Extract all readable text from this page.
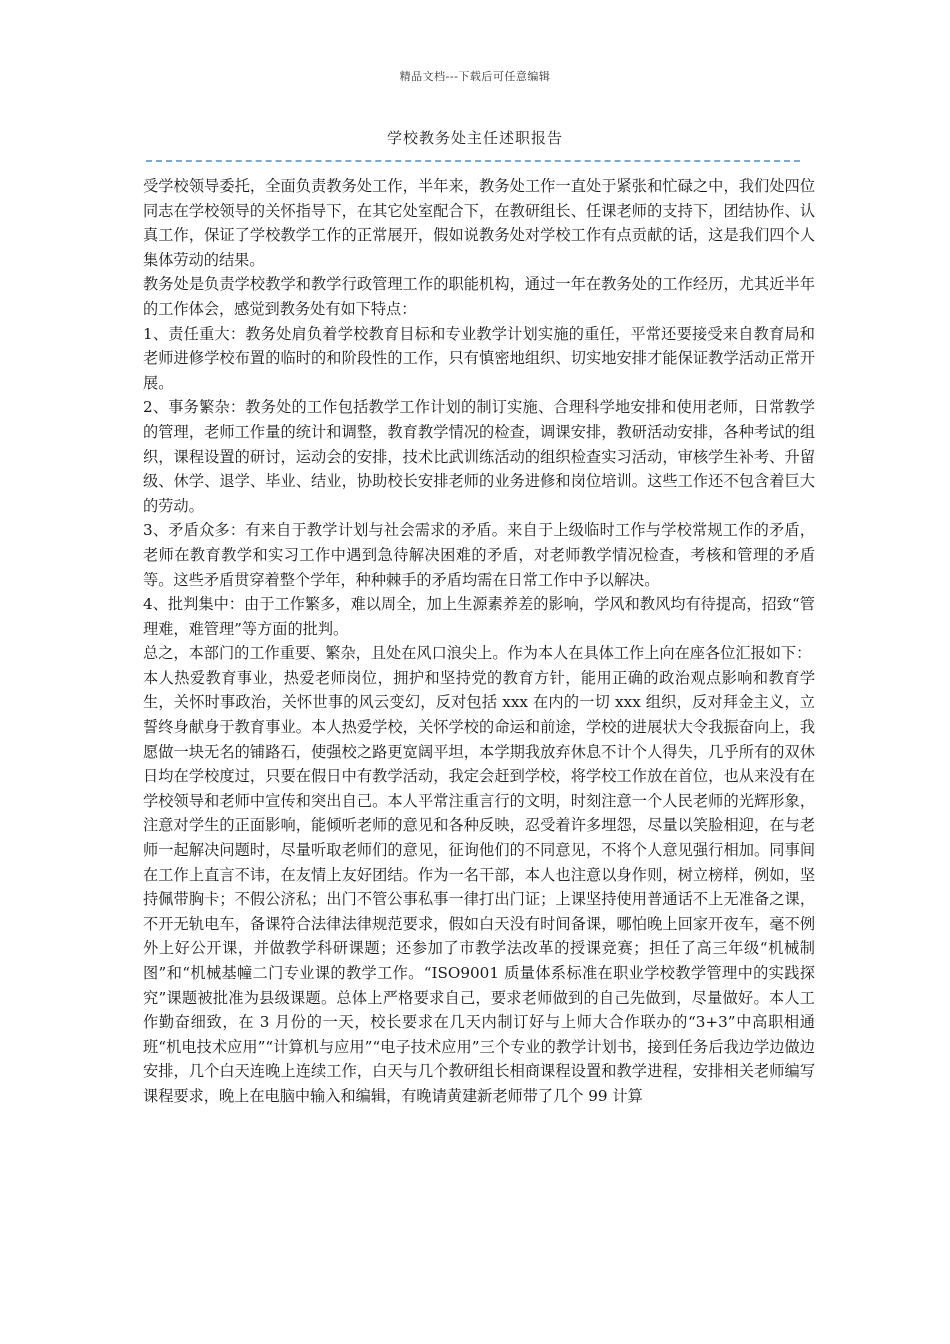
精品文档---下载后可任意编辑
学校教务处主任述职报告

受学校领导委托，全面负责教务处工作，半年来，教务处工作一直处于紧张和忙碌之中，我们处四位同志在学校领导的关怀指导下，在其它处室配合下，在教研组长、任课老师的支持下，团结协作、认真工作，保证了学校教学工作的正常展开，假如说教务处对学校工作有点贡献的话，这是我们四个人集体劳动的结果。

教务处是负责学校教学和教学行政管理工作的职能机构，通过一年在教务处的工作经历，尤其近半年的工作体会，感觉到教务处有如下特点：

1、责任重大：教务处肩负着学校教育目标和专业教学计划实施的重任，平常还要接受来自教育局和老师进修学校布置的临时的和阶段性的工作，只有慎密地组织、切实地安排才能保证教学活动正常开展。

2、事务繁杂：教务处的工作包括教学工作计划的制订实施、合理科学地安排和使用老师，日常教学的管理，老师工作量的统计和调整，教育教学情况的检查，调课安排，教研活动安排，各种考试的组织，课程设置的研讨，运动会的安排，技术比武训练活动的组织检查实习活动，审核学生补考、升留级、休学、退学、毕业、结业，协助校长安排老师的业务进修和岗位培训。这些工作还不包含着巨大的劳动。

3、矛盾众多：有来自于教学计划与社会需求的矛盾。来自于上级临时工作与学校常规工作的矛盾，老师在教育教学和实习工作中遇到急待解决困难的矛盾，对老师教学情况检查，考核和管理的矛盾等。这些矛盾贯穿着整个学年，种种棘手的矛盾均需在日常工作中予以解决。

4、批判集中：由于工作繁多，难以周全，加上生源素养差的影响，学风和教风均有待提高，招致“管理难，难管理”等方面的批判。

总之，本部门的工作重要、繁杂，且处在风口浪尖上。作为本人在具体工作上向在座各位汇报如下：

本人热爱教育事业，热爱老师岗位，拥护和坚持党的教育方针，能用正确的政治观点影响和教育学生，关怀时事政治，关怀世事的风云变幻，反对包括 xxx 在内的一切 xxx 组织，反对拜金主义，立誓终身献身于教育事业。本人热爱学校，关怀学校的命运和前途，学校的进展状大令我振奋向上，我愿做一块无名的铺路石，使强校之路更宽阔平坦，本学期我放弃休息不计个人得失，几乎所有的双休日均在学校度过，只要在假日中有教学活动，我定会赶到学校，将学校工作放在首位，也从来没有在学校领导和老师中宣传和突出自己。本人平常注重言行的文明，时刻注意一个人民老师的光辉形象，注意对学生的正面影响，能倾听老师的意见和各种反映，忍受着许多埋怨，尽量以笑脸相迎，在与老师一起解决问题时，尽量听取老师们的意见，征询他们的不同意见，不将个人意见强行相加。同事间在工作上直言不讳，在友情上友好团结。作为一名干部，本人也注意以身作则，树立榜样，例如，坚持佩带胸卡；不假公济私；出门不管公事私事一律打出门证；上课坚持使用普通话不上无准备之课，不开无轨电车，备课符合法律法律规范要求，假如白天没有时间备课，哪怕晚上回家开夜车，毫不例外上好公开课，并做教学科研课题；还参加了市教学法改革的授课竞赛；担任了高三年级“机械制图”和“机械基幢二门专业课的教学工作。“ISO9001 质量体系标准在职业学校教学管理中的实践探究”课题被批准为县级课题。总体上严格要求自己，要求老师做到的自己先做到，尽量做好。本人工作勤奋细致，在 3 月份的一天，校长要求在几天内制订好与上师大合作联办的“3+3”中高职相通班“机电技术应用”“计算机与应用”“电子技术应用”三个专业的教学计划书，接到任务后我边学边做边安排，几个白天连晚上连续工作，白天与几个教研组长相商课程设置和教学进程，安排相关老师编写课程要求，晚上在电脑中输入和编辑，有晚请黄建新老师带了几个 99 计算
